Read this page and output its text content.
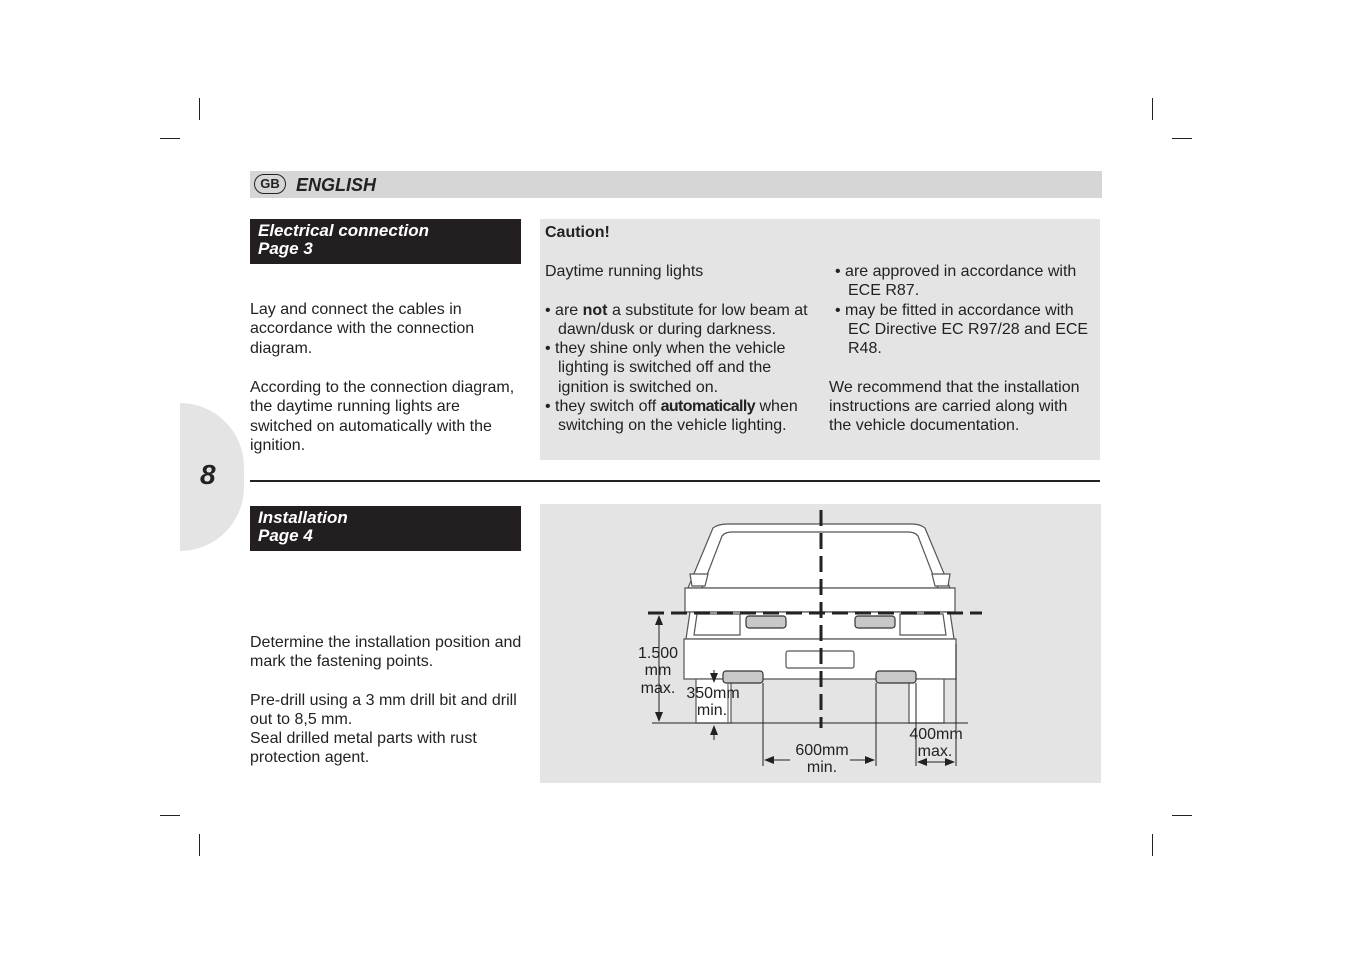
GB ENGLISH
8
Electrical connection
Page 3
Lay and connect the cables in accordance with the connection diagram.
According to the connection diagram, the daytime running lights are switched on automatically with the ignition.
Caution!

Daytime running lights

• are not a substitute for low beam at dawn/dusk or during darkness.

• they shine only when the vehicle lighting is switched off and the ignition is switched on.

• they switch off automatically when switching on the vehicle lighting.

• are approved in accordance with ECE R87.

• may be fitted in accordance with EC Directive EC R97/28 and ECE R48.

We recommend that the installation instructions are carried along with the vehicle documentation.

Installation
Page 4
Determine the installation position and mark the fastening points.
Pre-drill using a 3 mm drill bit and drill out to 8,5 mm.
Seal drilled metal parts with rust protection agent.
1.500
mm
max. 350mm
min.
600mm
min.
400mm
max.
